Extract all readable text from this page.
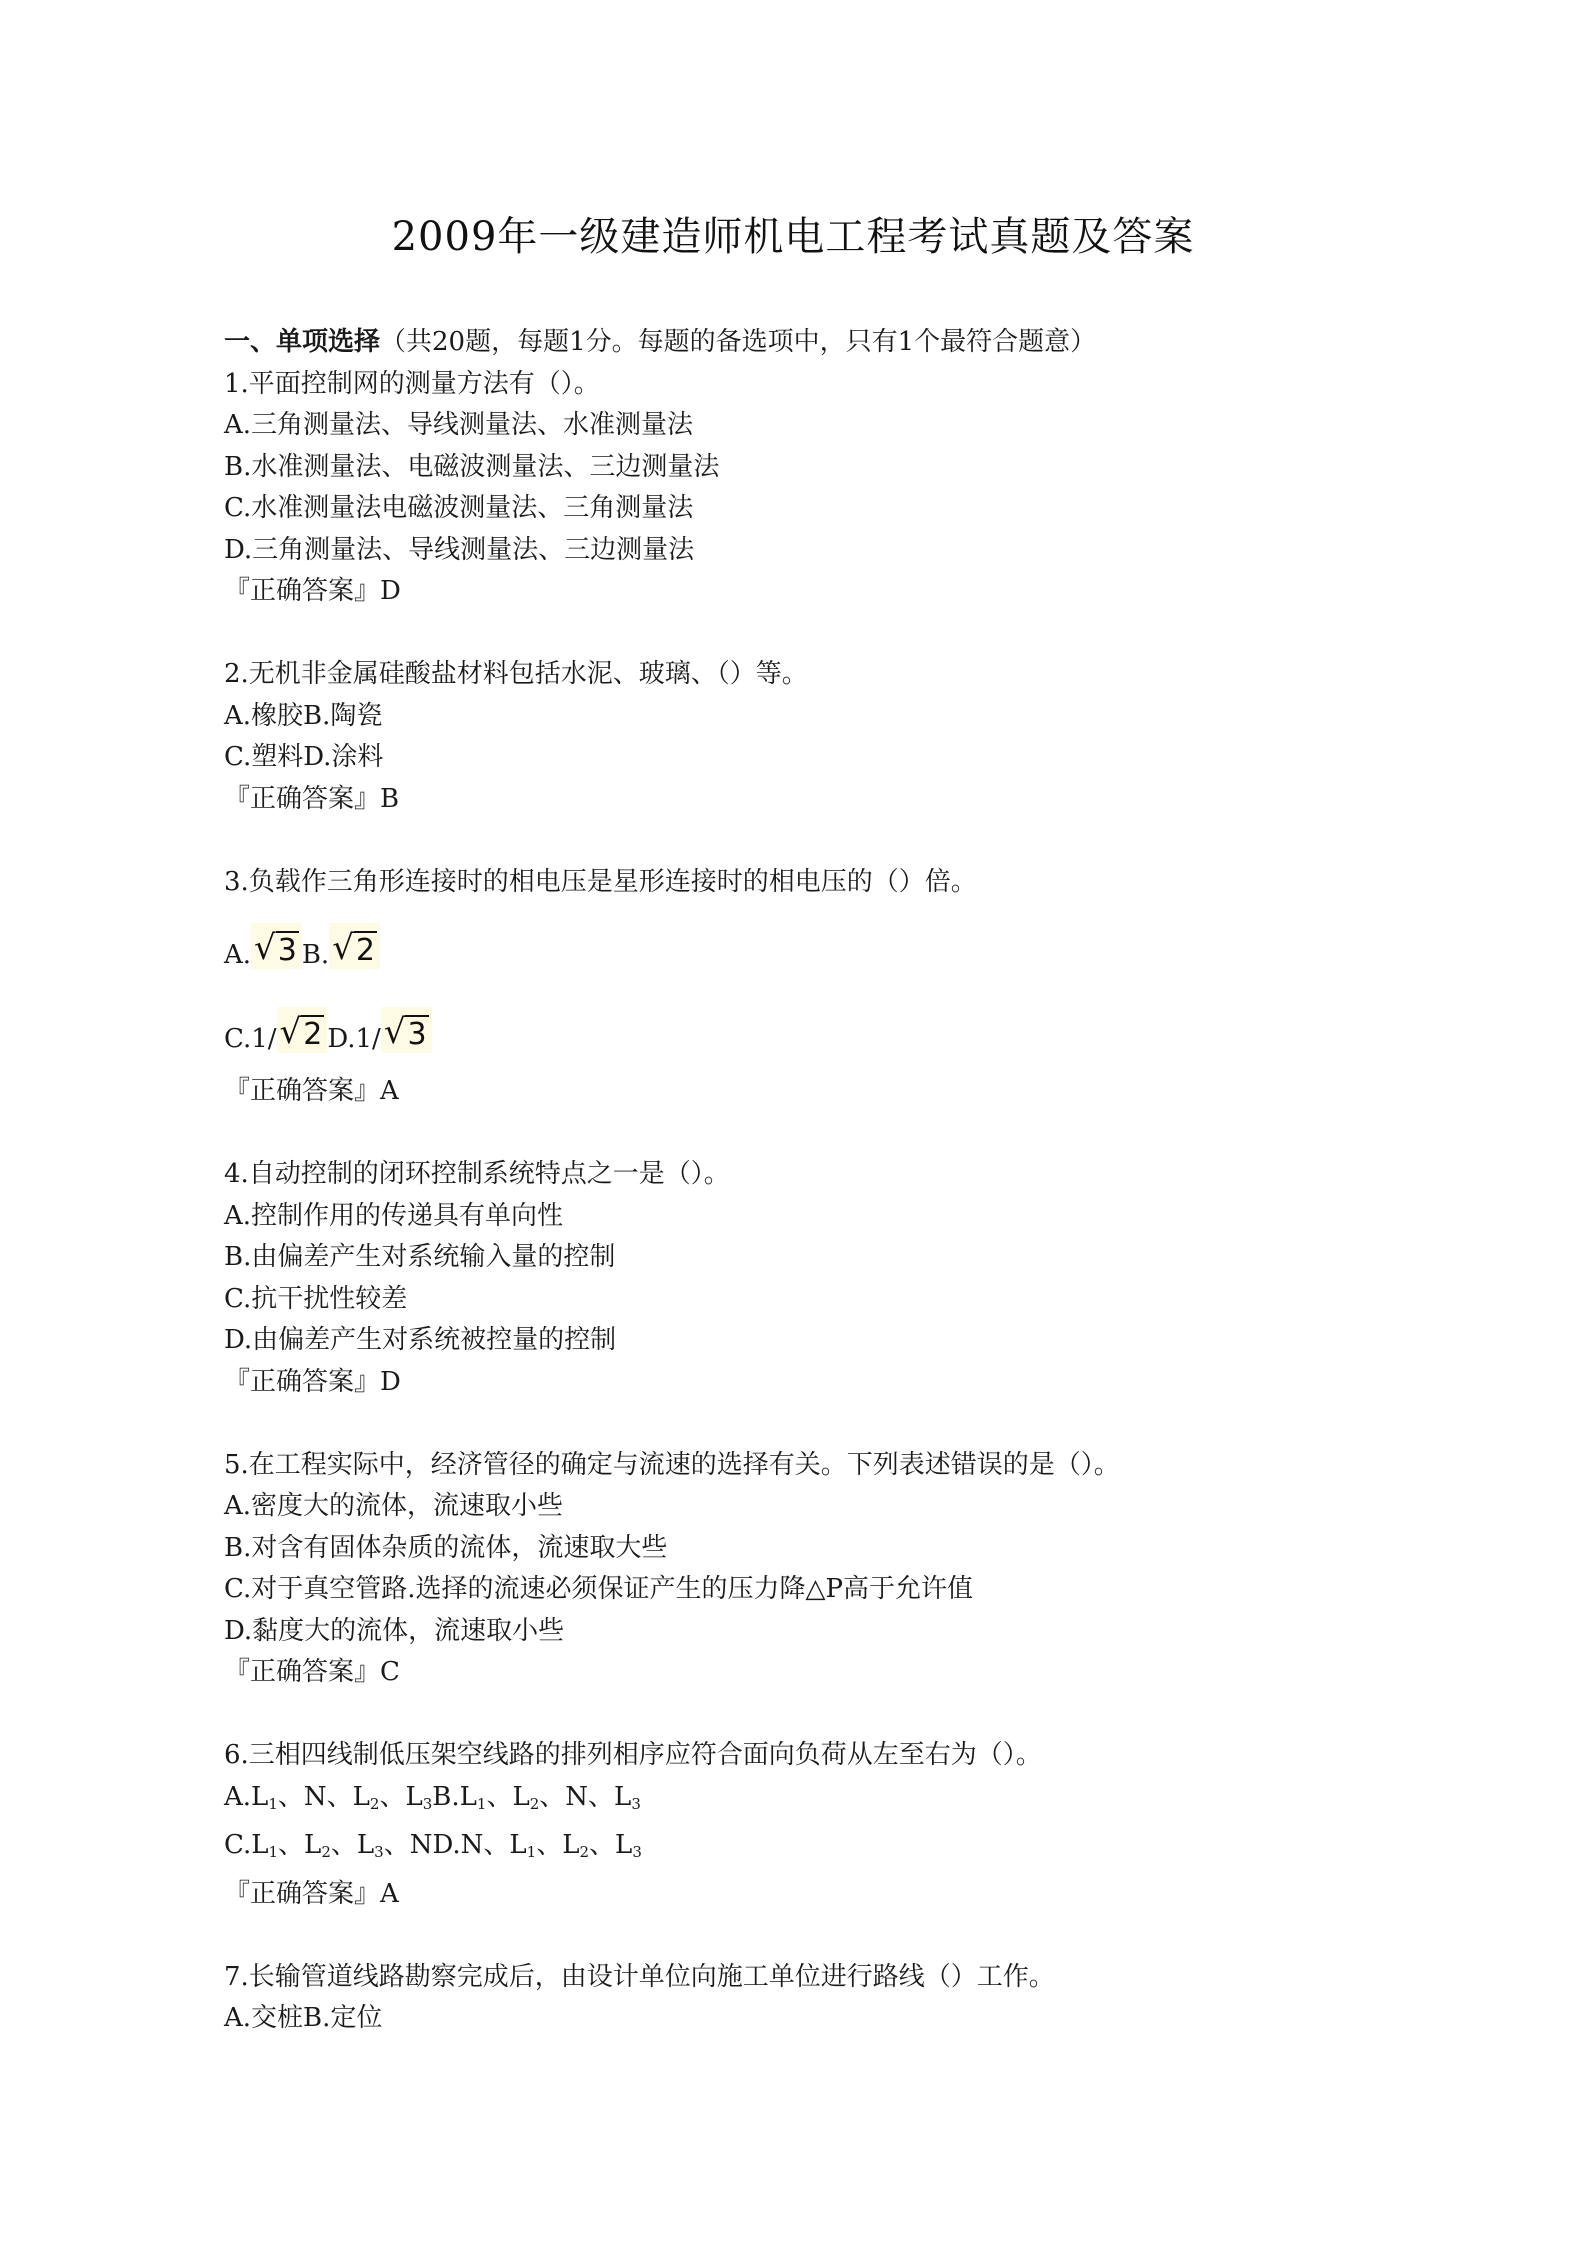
2009年一级建造师机电工程考试真题及答案
一、单项选择（共20题，每题1分。每题的备选项中，只有1个最符合题意）
1.平面控制网的测量方法有（）。
A.三角测量法、导线测量法、水准测量法
B.水准测量法、电磁波测量法、三边测量法
C.水准测量法电磁波测量法、三角测量法
D.三角测量法、导线测量法、三边测量法
『正确答案』D
2.无机非金属硅酸盐材料包括水泥、玻璃、（）等。
A.橡胶B.陶瓷
C.塑料D.涂料
『正确答案』B
3.负载作三角形连接时的相电压是星形连接时的相电压的（）倍。
A. √ 3 B. √ 2
C.1/ √ 2 D.1/ √ 3
『正确答案』A
4.自动控制的闭环控制系统特点之一是（）。
A.控制作用的传递具有单向性
B.由偏差产生对系统输入量的控制
C.抗干扰性较差
D.由偏差产生对系统被控量的控制
『正确答案』D
5.在工程实际中，经济管径的确定与流速的选择有关。下列表述错误的是（）。
A.密度大的流体，流速取小些
B.对含有固体杂质的流体，流速取大些
C.对于真空管路.选择的流速必须保证产生的压力降△P高于允许值
D.黏度大的流体，流速取小些
『正确答案』C
6.三相四线制低压架空线路的排列相序应符合面向负荷从左至右为（）。
$A.L_1$、N、$L_2$、$L_3B.L_1$、$L_2$、N、$L_3$
$C.L_1$、$L_2$、$L_3$、ND.N、$L_1$、$L_2$、$L_3$
『正确答案』A
7.长输管道线路勘察完成后，由设计单位向施工单位进行路线（）工作。
A.交桩B.定位
